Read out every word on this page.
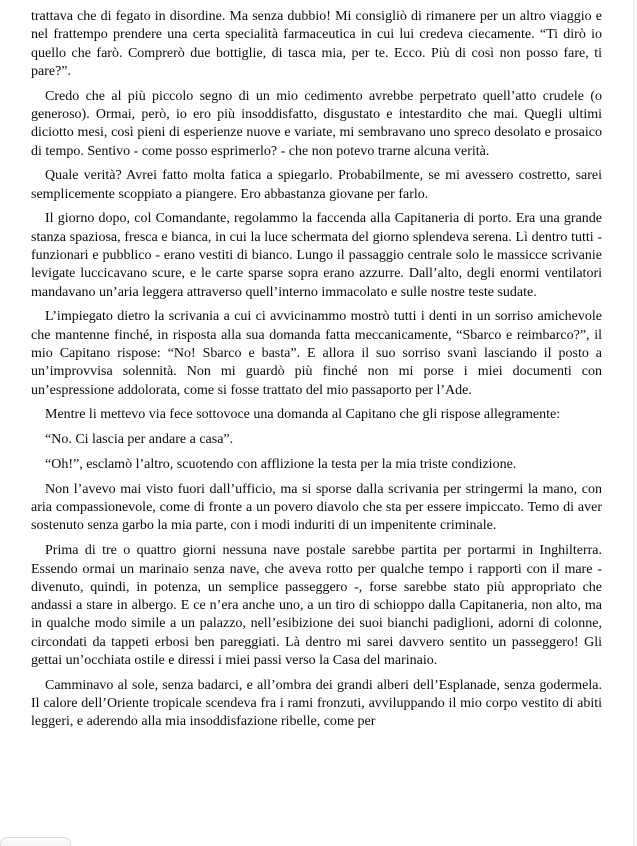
trattava che di fegato in disordine. Ma senza dubbio! Mi consigliò di rimanere per un altro viaggio e nel frattempo prendere una certa specialità farmaceutica in cui lui credeva ciecamente. “Ti dirò io quello che farò. Comprerò due bottiglie, di tasca mia, per te. Ecco. Più di così non posso fare, ti pare?”.

Credo che al più piccolo segno di un mio cedimento avrebbe perpetrato quell’atto crudele (o generoso). Ormai, però, io ero più insoddisfatto, disgustato e intestardito che mai. Quegli ultimi diciotto mesi, così pieni di esperienze nuove e variate, mi sembravano uno spreco desolato e prosaico di tempo. Sentivo - come posso esprimerlo? - che non potevo trarne alcuna verità.

Quale verità? Avrei fatto molta fatica a spiegarlo. Probabilmente, se mi avessero costretto, sarei semplicemente scoppiato a piangere. Ero abbastanza giovane per farlo.

Il giorno dopo, col Comandante, regolammo la faccenda alla Capitaneria di porto. Era una grande stanza spaziosa, fresca e bianca, in cui la luce schermata del giorno splendeva serena. Lì dentro tutti - funzionari e pubblico - erano vestiti di bianco. Lungo il passaggio centrale solo le massicce scrivanie levigate luccicavano scure, e le carte sparse sopra erano azzurre. Dall’alto, degli enormi ventilatori mandavano un’aria leggera attraverso quell’interno immacolato e sulle nostre teste sudate.

L’impiegato dietro la scrivania a cui ci avvicinammo mostrò tutti i denti in un sorriso amichevole che mantenne finché, in risposta alla sua domanda fatta meccanicamente, “Sbarco e reimbarco?”, il mio Capitano rispose: “No! Sbarco e basta”. E allora il suo sorriso svanì lasciando il posto a un’improvvisa solennità. Non mi guardò più finché non mi porse i miei documenti con un’espressione addolorata, come si fosse trattato del mio passaporto per l’Ade.

Mentre li mettevo via fece sottovoce una domanda al Capitano che gli rispose allegramente:

“No. Ci lascia per andare a casa”.

“Oh!”, esclamò l’altro, scuotendo con afflizione la testa per la mia triste condizione.

Non l’avevo mai visto fuori dall’ufficio, ma si sporse dalla scrivania per stringermi la mano, con aria compassionevole, come di fronte a un povero diavolo che sta per essere impiccato. Temo di aver sostenuto senza garbo la mia parte, con i modi induriti di un impenitente criminale.

Prima di tre o quattro giorni nessuna nave postale sarebbe partita per portarmi in Inghilterra. Essendo ormai un marinaio senza nave, che aveva rotto per qualche tempo i rapporti con il mare - divenuto, quindi, in potenza, un semplice passeggero -, forse sarebbe stato più appropriato che andassi a stare in albergo. E ce n’era anche uno, a un tiro di schioppo dalla Capitaneria, non alto, ma in qualche modo simile a un palazzo, nell’esibizione dei suoi bianchi padiglioni, adorni di colonne, circondati da tappeti erbosi ben pareggiati. Là dentro mi sarei davvero sentito un passeggero! Gli gettai un’occhiata ostile e diressi i miei passi verso la Casa del marinaio.

Camminavo al sole, senza badarci, e all’ombra dei grandi alberi dell’Esplanade, senza godermela. Il calore dell’Oriente tropicale scendeva fra i rami fronzuti, avviluppando il mio corpo vestito di abiti leggeri, e aderendo alla mia insoddisfazione ribelle, come per
